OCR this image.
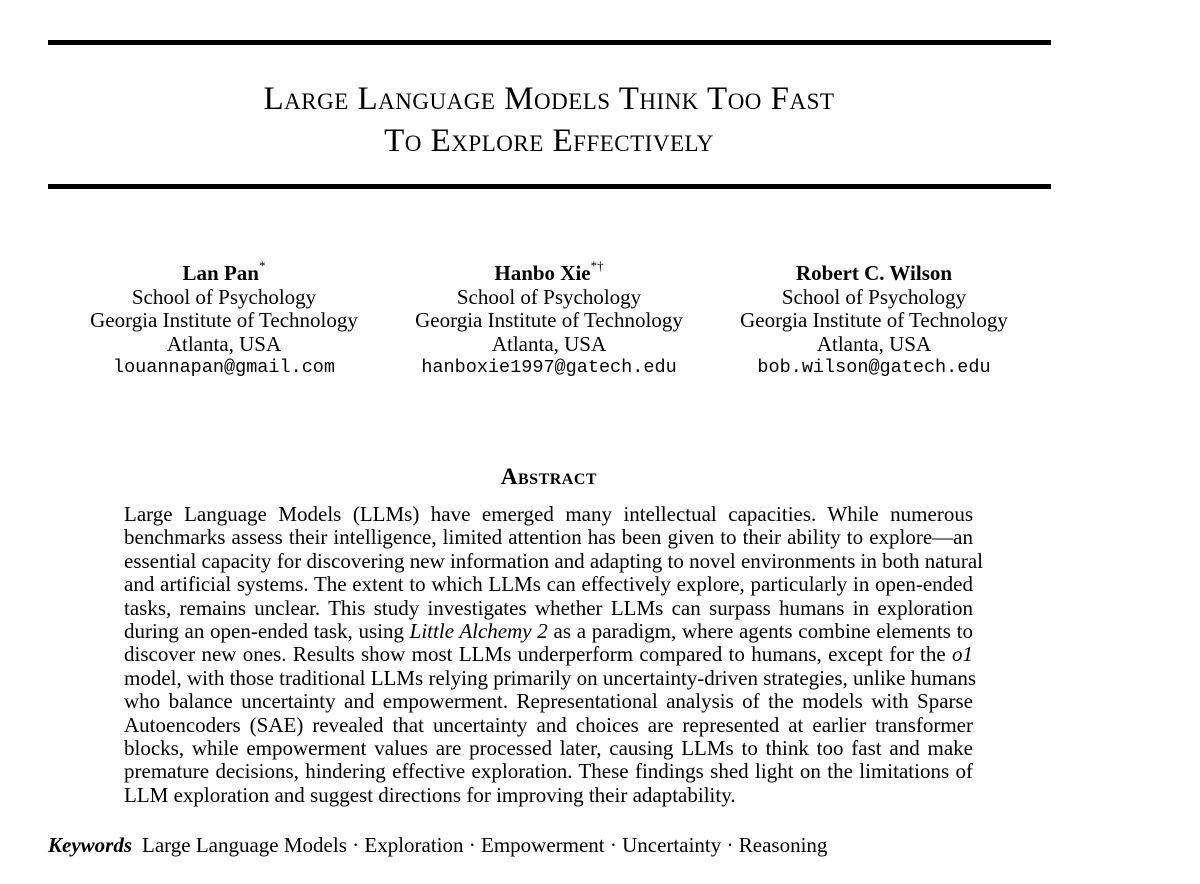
Large Language Models Think Too Fast
To Explore Effectively
Lan Pan*
School of Psychology
Georgia Institute of Technology
Atlanta, USA
louannapan@gmail.com
Hanbo Xie*†
School of Psychology
Georgia Institute of Technology
Atlanta, USA
hanboxie1997@gatech.edu
Robert C. Wilson
School of Psychology
Georgia Institute of Technology
Atlanta, USA
bob.wilson@gatech.edu
Abstract
Large Language Models (LLMs) have emerged many intellectual capacities. While numerous
benchmarks assess their intelligence, limited attention has been given to their ability to explore—an
essential capacity for discovering new information and adapting to novel environments in both natural
and artificial systems. The extent to which LLMs can effectively explore, particularly in open-ended
tasks, remains unclear. This study investigates whether LLMs can surpass humans in exploration
during an open-ended task, using Little Alchemy 2 as a paradigm, where agents combine elements to
discover new ones. Results show most LLMs underperform compared to humans, except for the o1
model, with those traditional LLMs relying primarily on uncertainty-driven strategies, unlike humans
who balance uncertainty and empowerment. Representational analysis of the models with Sparse
Autoencoders (SAE) revealed that uncertainty and choices are represented at earlier transformer
blocks, while empowerment values are processed later, causing LLMs to think too fast and make
premature decisions, hindering effective exploration. These findings shed light on the limitations of
LLM exploration and suggest directions for improving their adaptability.
Keywords Large Language Models · Exploration · Empowerment · Uncertainty · Reasoning
